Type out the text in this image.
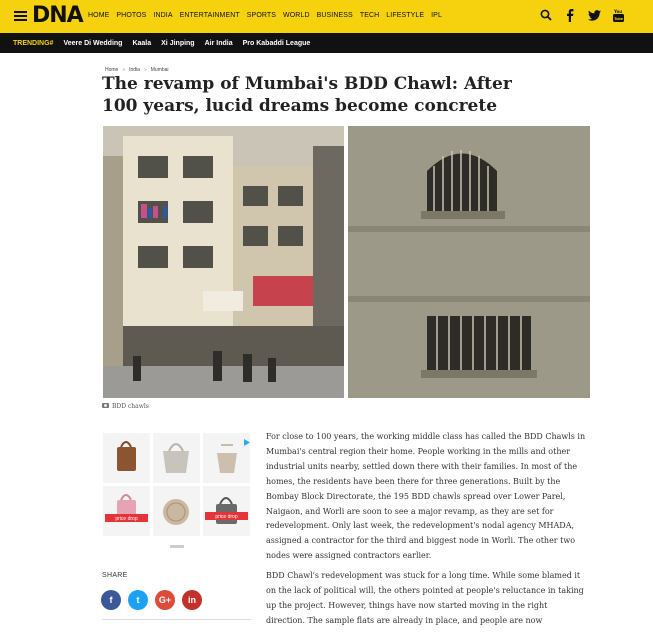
DNA HOME PHOTOS INDIA ENTERTAINMENT SPORTS WORLD BUSINESS TECH LIFESTYLE IPL
You
Tube
TRENDING# Veere Di Wedding Kaala Xi Jinping Air India Pro Kabaddi League
Home » India » Mumbai
The revamp of Mumbai's BDD Chawl: After 100 years, lucid dreams become concrete
BDD chawls
price drop	price drop
SHARE
f	t G+ in

For close to 100 years, the working middle class has called the BDD Chawls in Mumbai's central region their home. People working in the mills and other industrial units nearby, settled down there with their families. In most of the homes, the residents have been there for three generations. Built by the Bombay Block Directorate, the 195 BDD chawls spread over Lower Parel, Naigaon, and Worli are soon to see a major revamp, as they are set for redevelopment. Only last week, the redevelopment's nodal agency MHADA, assigned a contractor for the third and biggest node in Worli. The other two nodes were assigned contractors earlier.

BDD Chawl's redevelopment was stuck for a long time. While some blamed it on the lack of political will, the others pointed at people's reluctance in taking up the project. However, things have now started moving in the right direction. The sample flats are already in place, and people are now
